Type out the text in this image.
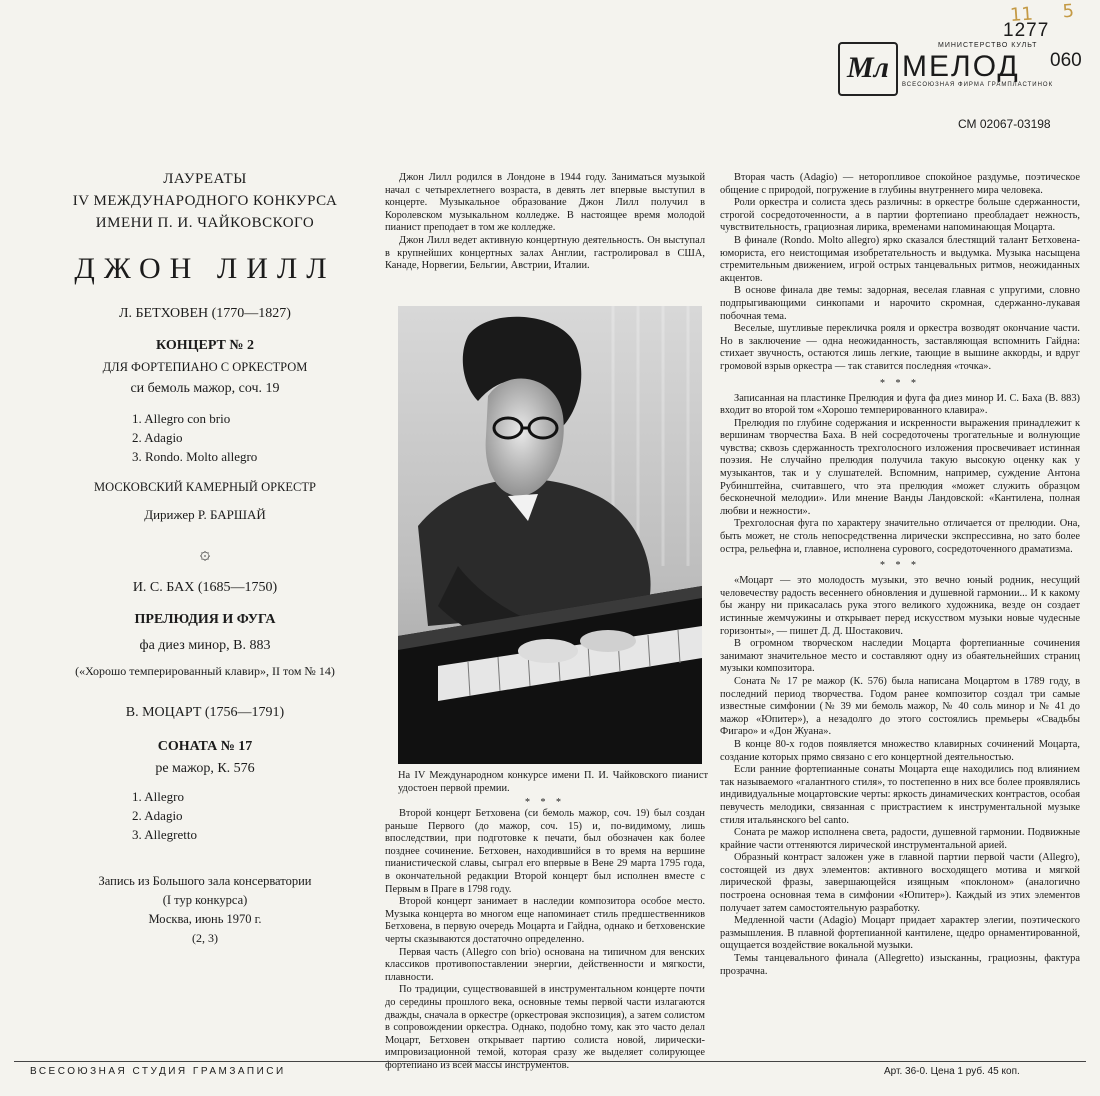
11 5
1277
Мл
МИНИСТЕРСТВО КУЛЬТ
МЕЛОД
ВСЕСОЮЗНАЯ ФИРМА ГРАМПЛАСТИНОК
060
СМ 02067-03198
ЛАУРЕАТЫ
IV МЕЖДУНАРОДНОГО КОНКУРСА
ИМЕНИ П. И. ЧАЙКОВСКОГО
ДЖОН ЛИЛЛ
Л. БЕТХОВЕН (1770—1827)
КОНЦЕРТ № 2
ДЛЯ ФОРТЕПИАНО С ОРКЕСТРОМ
си бемоль мажор, соч. 19
1. Allegro con brio
2. Adagio
3. Rondo. Molto allegro
МОСКОВСКИЙ КАМЕРНЫЙ ОРКЕСТР
Дирижер Р. БАРШАЙ
۞
И. С. БАХ (1685—1750)
ПРЕЛЮДИЯ И ФУГА
фа диез минор, В. 883
(«Хорошо темперированный клавир», II том № 14)
В. МОЦАРТ (1756—1791)
СОНАТА № 17
ре мажор, К. 576
1. Allegro
2. Adagio
3. Allegretto
Запись из Большого зала консерватории
(I тур конкурса)
Москва, июнь 1970 г.
(2, 3)

Джон Лилл родился в Лондоне в 1944 году. Заниматься музыкой начал с четырехлетнего возраста, в девять лет впервые выступил в концерте. Музыкальное образование Джон Лилл получил в Королевском музыкальном колледже. В настоящее время молодой пианист преподает в том же колледже.

Джон Лилл ведет активную концертную деятельность. Он выступал в крупнейших концертных залах Англии, гастролировал в США, Канаде, Норвегии, Бельгии, Австрии, Италии.

На IV Международном конкурсе имени П. И. Чайковского пианист удостоен первой премии.

* * *

Второй концерт Бетховена (си бемоль мажор, соч. 19) был создан раньше Первого (до мажор, соч. 15) и, по-видимому, лишь впоследствии, при подготовке к печати, был обозначен как более позднее сочинение. Бетховен, находившийся в то время на вершине пианистической славы, сыграл его впервые в Вене 29 марта 1795 года, в окончательной редакции Второй концерт был исполнен вместе с Первым в Праге в 1798 году.

Второй концерт занимает в наследии композитора особое место. Музыка концерта во многом еще напоминает стиль предшественников Бетховена, в первую очередь Моцарта и Гайдна, однако и бетховенские черты сказываются достаточно определенно.

Первая часть (Allegro con brio) основана на типичном для венских классиков противопоставлении энергии, действенности и мягкости, плавности.

По традиции, существовавшей в инструментальном концерте почти до середины прошлого века, основные темы первой части излагаются дважды, сначала в оркестре (оркестровая экспозиция), а затем солистом в сопровождении оркестра. Однако, подобно тому, как это часто делал Моцарт, Бетховен открывает партию солиста новой, лирически-импровизационной темой, которая сразу же выделяет солирующее фортепиано из всей массы инструментов.

Вторая часть (Adagio) — неторопливое спокойное раздумье, поэтическое общение с природой, погружение в глубины внутреннего мира человека.

Роли оркестра и солиста здесь различны: в оркестре больше сдержанности, строгой сосредоточенности, а в партии фортепиано преобладает нежность, чувствительность, грациозная лирика, временами напоминающая Моцарта.

В финале (Rondo. Molto allegro) ярко сказался блестящий талант Бетховена-юмориста, его неистощимая изобретательность и выдумка. Музыка насыщена стремительным движением, игрой острых танцевальных ритмов, неожиданных акцентов.

В основе финала две темы: задорная, веселая главная с упругими, словно подпрыгивающими синкопами и нарочито скромная, сдержанно-лукавая побочная тема.

Веселые, шутливые перекличка рояля и оркестра возводят окончание части. Но в заключение — одна неожиданность, заставляющая вспомнить Гайдна: стихает звучность, остаются лишь легкие, тающие в вышине аккорды, и вдруг громовой взрыв оркестра — так ставится последняя «точка».

* * *

Записанная на пластинке Прелюдия и фуга фа диез минор И. С. Баха (В. 883) входит во второй том «Хорошо темперированного клавира».

Прелюдия по глубине содержания и искренности выражения принадлежит к вершинам творчества Баха. В ней сосредоточены трогательные и волнующие чувства; сквозь сдержанность трехголосного изложения просвечивает истинная поэзия. Не случайно прелюдия получила такую высокую оценку как у музыкантов, так и у слушателей. Вспомним, например, суждение Антона Рубинштейна, считавшего, что эта прелюдия «может служить образцом бесконечной мелодии». Или мнение Ванды Ландовской: «Кантилена, полная любви и нежности».

Трехголосная фуга по характеру значительно отличается от прелюдии. Она, быть может, не столь непосредственна лирически экспрессивна, но зато более остра, рельефна и, главное, исполнена сурового, сосредоточенного драматизма.

* * *

«Моцарт — это молодость музыки, это вечно юный родник, несущий человечеству радость весеннего обновления и душевной гармонии... И к какому бы жанру ни прикасалась рука этого великого художника, везде он создает истинные жемчужины и открывает перед искусством музыки новые чудесные горизонты», — пишет Д. Д. Шостакович.

В огромном творческом наследии Моцарта фортепианные сочинения занимают значительное место и составляют одну из обаятельнейших страниц музыки композитора.

Соната № 17 ре мажор (К. 576) была написана Моцартом в 1789 году, в последний период творчества. Годом ранее композитор создал три самые известные симфонии (№ 39 ми бемоль мажор, № 40 соль минор и № 41 до мажор «Юпитер»), а незадолго до этого состоялись премьеры «Свадьбы Фигаро» и «Дон Жуана».

В конце 80-х годов появляется множество клавирных сочинений Моцарта, создание которых прямо связано с его концертной деятельностью.

Если ранние фортепианные сонаты Моцарта еще находились под влиянием так называемого «галантного стиля», то постепенно в них все более проявлялись индивидуальные моцартовские черты: яркость динамических контрастов, особая певучесть мелодики, связанная с пристрастием к инструментальной музыке стиля итальянского bel canto.

Соната ре мажор исполнена света, радости, душевной гармонии. Подвижные крайние части оттеняются лирической инструментальной арией.

Образный контраст заложен уже в главной партии первой части (Allegro), состоящей из двух элементов: активного восходящего мотива и мягкой лирической фразы, завершающейся изящным «поклоном» (аналогично построена основная тема в симфонии «Юпитер»). Каждый из этих элементов получает затем самостоятельную разработку.

Медленной части (Adagio) Моцарт придает характер элегии, поэтического размышления. В плавной фортепианной кантилене, щедро орнаментированной, ощущается воздействие вокальной музыки.

Темы танцевального финала (Allegretto) изысканны, грациозны, фактура прозрачна.

ВСЕСОЮЗНАЯ СТУДИЯ ГРАМЗАПИСИ	Арт. 36-0. Цена 1 руб. 45 коп.
